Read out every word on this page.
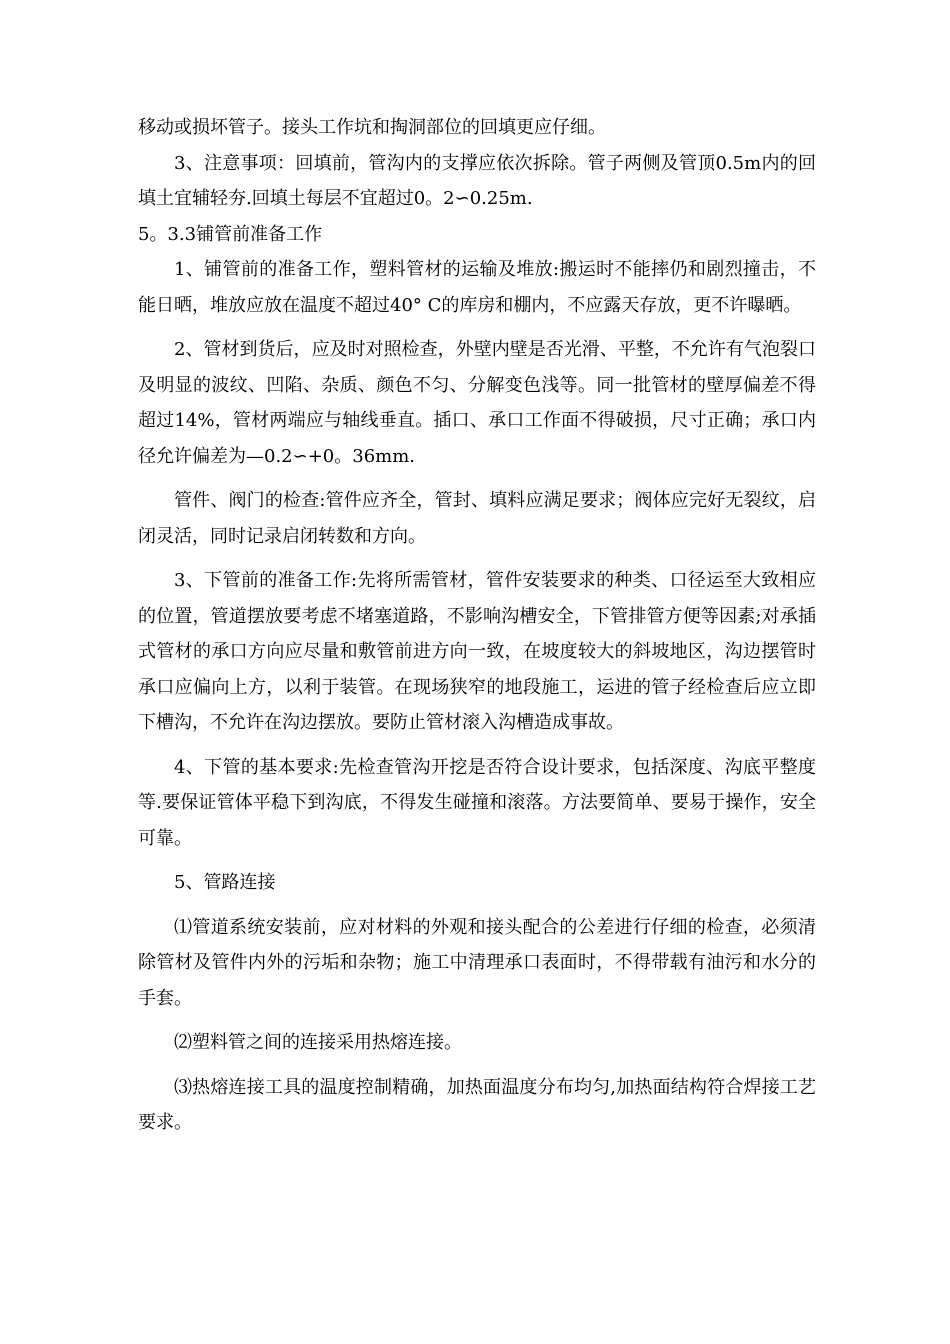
移动或损坏管子。接头工作坑和掏洞部位的回填更应仔细。

3、注意事项：回填前，管沟内的支撑应依次拆除。管子两侧及管顶0.5m内的回填土宜辅轻夯.回填土每层不宜超过0。2∽0.25m.

5。3.3铺管前准备工作

1、铺管前的准备工作，塑料管材的运输及堆放:搬运时不能摔仍和剧烈撞击，不能日晒，堆放应放在温度不超过40° C的库房和棚内，不应露天存放，更不许曝晒。

2、管材到货后，应及时对照检查，外壁内壁是否光滑、平整，不允许有气泡裂口及明显的波纹、凹陷、杂质、颜色不匀、分解变色浅等。同一批管材的壁厚偏差不得超过14%，管材两端应与轴线垂直。插口、承口工作面不得破损，尺寸正确；承口内径允许偏差为—0.2∽+0。36mm.

管件、阀门的检查:管件应齐全，管封、填料应满足要求；阀体应完好无裂纹，启闭灵活，同时记录启闭转数和方向。

3、下管前的准备工作:先将所需管材，管件安装要求的种类、口径运至大致相应的位置，管道摆放要考虑不堵塞道路，不影响沟槽安全，下管排管方便等因素;对承插式管材的承口方向应尽量和敷管前进方向一致，在坡度较大的斜坡地区，沟边摆管时承口应偏向上方，以利于装管。在现场狭窄的地段施工，运进的管子经检查后应立即下槽沟，不允许在沟边摆放。要防止管材滚入沟槽造成事故。

4、下管的基本要求:先检查管沟开挖是否符合设计要求，包括深度、沟底平整度等.要保证管体平稳下到沟底，不得发生碰撞和滚落。方法要简单、要易于操作，安全可靠。

5、管路连接

⑴管道系统安装前，应对材料的外观和接头配合的公差进行仔细的检查，必须清除管材及管件内外的污垢和杂物；施工中清理承口表面时，不得带载有油污和水分的手套。

⑵塑料管之间的连接采用热熔连接。

⑶热熔连接工具的温度控制精确，加热面温度分布均匀,加热面结构符合焊接工艺要求。
